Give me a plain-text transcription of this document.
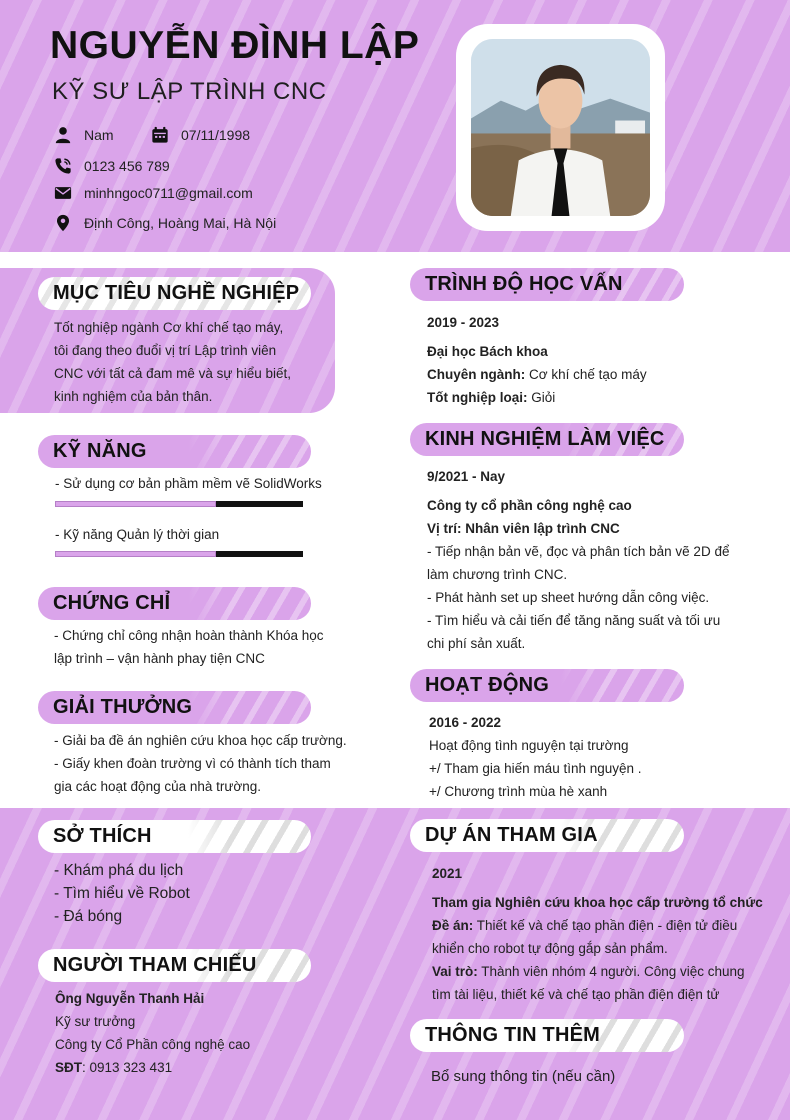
NGUYỄN ĐÌNH LẬP
KỸ SƯ LẬP TRÌNH CNC
Nam	07/11/1998
0123 456 789
minhngoc0711@gmail.com
Định Công, Hoàng Mai, Hà Nội
MỤC TIÊU NGHỀ NGHIỆP
Tốt nghiệp ngành Cơ khí chế tạo máy,
tôi đang theo đuổi vị trí Lập trình viên
CNC với tất cả đam mê và sự hiểu biết,
kinh nghiệm của bản thân.
KỸ NĂNG
- Sử dụng cơ bản phầm mềm vẽ SolidWorks
- Kỹ năng Quản lý thời gian
CHỨNG CHỈ
- Chứng chỉ công nhận hoàn thành Khóa học
lập trình – vận hành phay tiện CNC
GIẢI THƯỞNG
- Giải ba đề án nghiên cứu khoa học cấp trường.
- Giấy khen đoàn trường vì có thành tích tham
gia các hoạt động của nhà trường.
TRÌNH ĐỘ HỌC VẤN
2019 - 2023
Đại học Bách khoa
Chuyên ngành: Cơ khí chế tạo máy
Tốt nghiệp loại: Giỏi
KINH NGHIỆM LÀM VIỆC
9/2021 - Nay
Công ty cổ phần công nghệ cao
Vị trí: Nhân viên lập trình CNC
- Tiếp nhận bản vẽ, đọc và phân tích bản vẽ 2D để
làm chương trình CNC.
- Phát hành set up sheet hướng dẫn công việc.
- Tìm hiểu và cải tiến để tăng năng suất và tối ưu
chi phí sản xuất.
HOẠT ĐỘNG
2016 - 2022
Hoạt động tình nguyện tại trường
+/ Tham gia hiến máu tình nguyện .
+/ Chương trình mùa hè xanh
SỞ THÍCH
- Khám phá du lịch
- Tìm hiểu về Robot
- Đá bóng
NGƯỜI THAM CHIẾU
Ông Nguyễn Thanh Hải
Kỹ sư trưởng
Công ty Cổ Phần công nghệ cao
SĐT: 0913 323 431
DỰ ÁN THAM GIA
2021
Tham gia Nghiên cứu khoa học cấp trường tổ chức
Đề án: Thiết kế và chế tạo phần điện - điện tử điều
khiển cho robot tự động gắp sản phẩm.
Vai trò: Thành viên nhóm 4 người. Công việc chung
tìm tài liệu, thiết kế và chế tạo phần điện điện tử
THÔNG TIN THÊM
Bổ sung thông tin (nếu cần)
